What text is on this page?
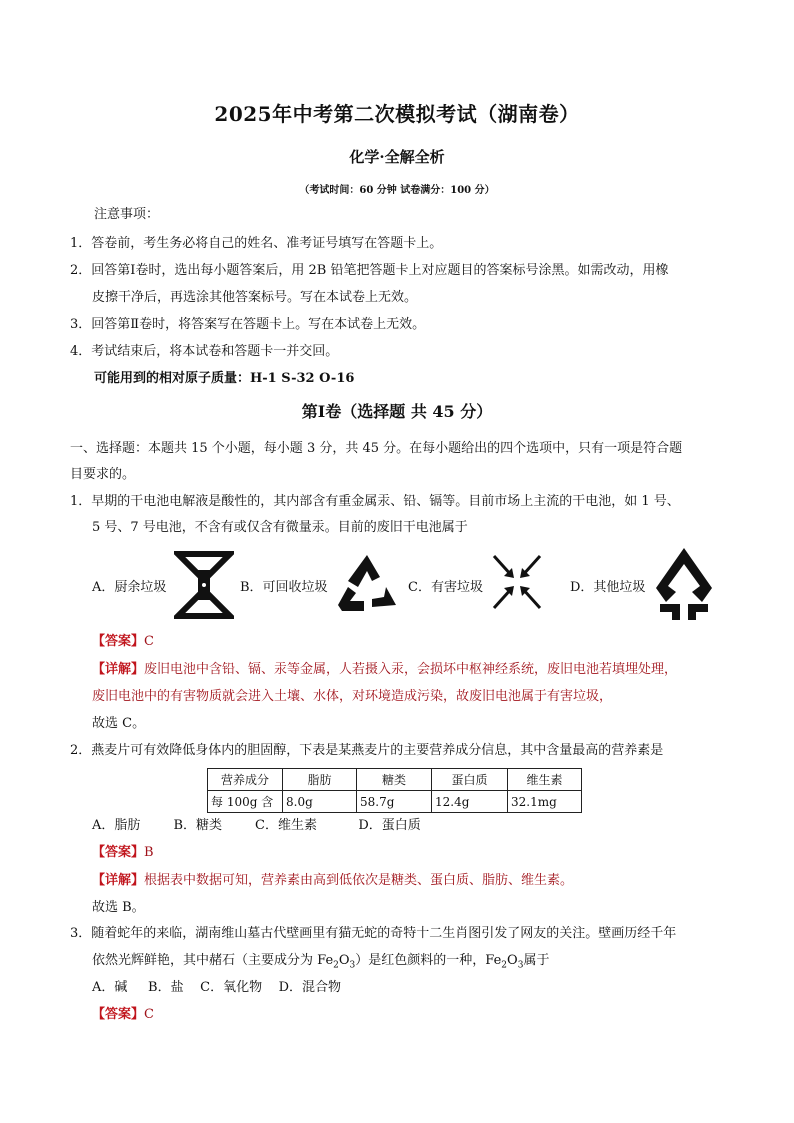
2025年中考第二次模拟考试（湖南卷）
化学·全解全析
（考试时间：60 分钟 试卷满分：100 分）
注意事项：
1．答卷前，考生务必将自己的姓名、准考证号填写在答题卡上。
2．回答第Ⅰ卷时，选出每小题答案后，用 2B 铅笔把答题卡上对应题目的答案标号涂黑。如需改动，用橡
皮擦干净后，再选涂其他答案标号。写在本试卷上无效。
3．回答第Ⅱ卷时，将答案写在答题卡上。写在本试卷上无效。
4．考试结束后，将本试卷和答题卡一并交回。
可能用到的相对原子质量：H-1 S-32 O-16
第Ⅰ卷（选择题 共 45 分）
一、选择题：本题共 15 个小题，每小题 3 分，共 45 分。在每小题给出的四个选项中，只有一项是符合题
目要求的。
1．早期的干电池电解液是酸性的，其内部含有重金属汞、铅、镉等。目前市场上主流的干电池，如 1 号、
5 号、7 号电池，不含有或仅含有微量汞。目前的废旧干电池属于
A．厨余垃圾	B．可回收垃圾	C．有害垃圾	D．其他垃圾
【答案】C
【详解】废旧电池中含铅、镉、汞等金属，人若摄入汞，会损坏中枢神经系统，废旧电池若填埋处理，
废旧电池中的有害物质就会进入土壤、水体，对环境造成污染，故废旧电池属于有害垃圾，
故选 C。
2．燕麦片可有效降低身体内的胆固醇，下表是某燕麦片的主要营养成分信息，其中含量最高的营养素是
营养成分	脂肪	糖类	蛋白质	维生素
每 100g 含	8.0g	58.7g	12.4g	32.1mg
A．脂肪        B．糖类        C．维生素          D．蛋白质
【答案】B
【详解】根据表中数据可知，营养素由高到低依次是糖类、蛋白质、脂肪、维生素。
故选 B。
3．随着蛇年的来临，湖南维山墓古代壁画里有猫无蛇的奇特十二生肖图引发了网友的关注。壁画历经千年
依然光辉鲜艳，其中赭石（主要成分为 $Fe_2O_3$）是红色颜料的一种，$Fe_2O_3$属于
A．碱     B．盐    C．氧化物    D．混合物
【答案】C
